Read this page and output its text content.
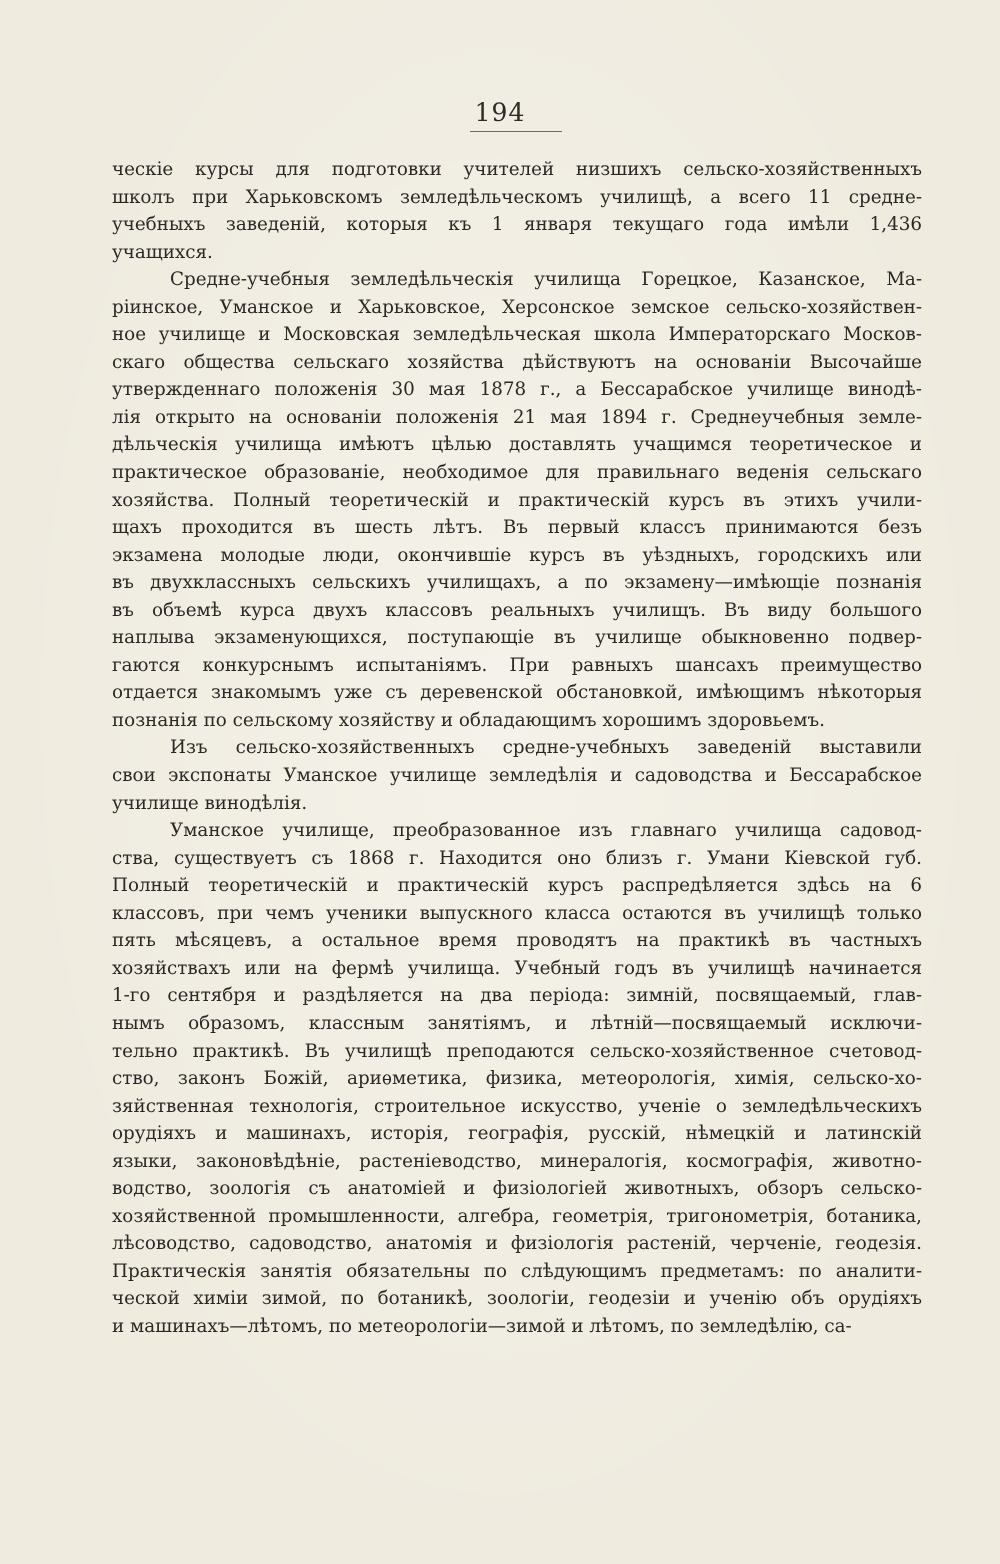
194
ческie курсы для подготовки учителей низшихъ сельско-хозяйственныхъ
школъ при Харьковскомъ земледѣльческомъ училищѣ, а всего 11 средне-
учебныхъ заведенiй, которыя къ 1 января текущаго года имѣли 1,436
учащихся.
Средне-учебныя земледѣльческiя училища Горецкое, Казанское, Ма-
рiинское, Уманское и Харьковское, Херсонское земское сельско-хозяйствен-
ное училище и Московская земледѣльческая школа Императорскаго Москов-
скаго общества сельскаго хозяйства дѣйствуютъ на основанiи Высочайше
утвержденнаго положенiя 30 мая 1878 г., а Бессарабское училище винодѣ-
лiя открыто на основанiи положенiя 21 мая 1894 г. Среднеучебныя земле-
дѣльческiя училища имѣютъ цѣлью доставлять учащимся теоретическое и
практическое образованiе, необходимое для правильнаго веденiя сельскаго
хозяйства. Полный теоретическiй и практическiй курсъ въ этихъ учили-
щахъ проходится въ шесть лѣтъ. Въ первый классъ принимаются безъ
экзамена молодые люди, окончившiе курсъ въ уѣздныхъ, городскихъ или
въ двухклассныхъ сельскихъ училищахъ, а по экзамену—имѣющiе познанiя
въ объемѣ курса двухъ классовъ реальныхъ училищъ. Въ виду большого
наплыва экзаменующихся, поступающiе въ училище обыкновенно подвер-
гаются конкурснымъ испытанiямъ. При равныхъ шансахъ преимущество
отдается знакомымъ уже съ деревенской обстановкой, имѣющимъ нѣкоторыя
познанiя по сельскому хозяйству и обладающимъ хорошимъ здоровьемъ.
Изъ сельско-хозяйственныхъ средне-учебныхъ заведенiй выставили
свои экспонаты Уманское училище земледѣлiя и садоводства и Бессарабское
училище винодѣлiя.
Уманское училище, преобразованное изъ главнаго училища садовод-
ства, существуетъ съ 1868 г. Находится оно близъ г. Умани Кiевской губ.
Полный теоретическiй и практическiй курсъ распредѣляется здѣсь на 6
классовъ, при чемъ ученики выпускного класса остаются въ училищѣ только
пять мѣсяцевъ, а остальное время проводятъ на практикѣ въ частныхъ
хозяйствахъ или на фермѣ училища. Учебный годъ въ училищѣ начинается
1-го сентября и раздѣляется на два перiода: зимнiй, посвящаемый, глав-
нымъ образомъ, классным занятiямъ, и лѣтнiй—посвящаемый исключи-
тельно практикѣ. Въ училищѣ преподаются сельско-хозяйственное счетовод-
ство, законъ Божiй, ариѳметика, физика, метеорологiя, химiя, сельско-хо-
зяйственная технологiя, строительное искусство, ученiе о земледѣльческихъ
орудiяхъ и машинахъ, исторiя, географiя, русскiй, нѣмецкiй и латинскiй
языки, законовѣдѣнiе, растенiеводство, минералогiя, космографiя, животно-
водство, зоологiя съ анатомiей и физiологiей животныхъ, обзоръ сельско-
хозяйственной промышленности, алгебра, геометрiя, тригонометрiя, ботаника,
лѣсоводство, садоводство, анатомiя и физiологiя растенiй, черченiе, геодезiя.
Практическiя занятiя обязательны по слѣдующимъ предметамъ: по аналити-
ческой химiи зимой, по ботаникѣ, зоологiи, геодезiи и ученiю объ орудiяхъ
и машинахъ—лѣтомъ, по метеорологiи—зимой и лѣтомъ, по земледѣлiю, са-
